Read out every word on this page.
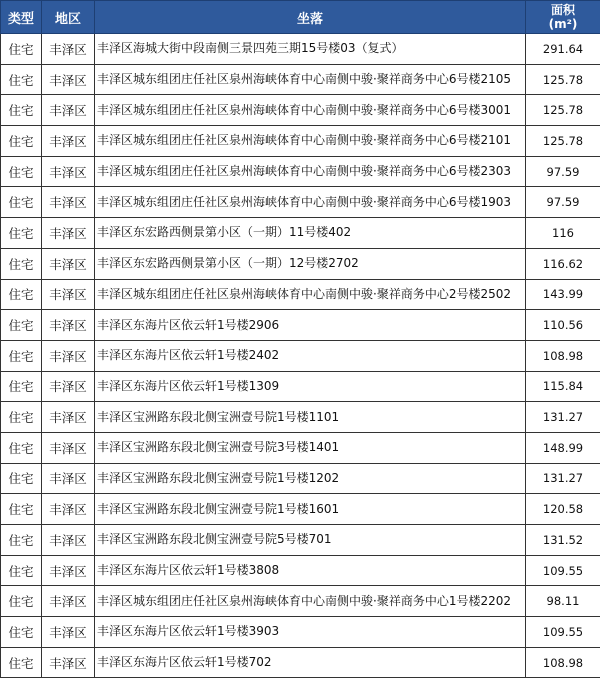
类型	地区	坐落	面积
(m²)
住宅	丰泽区	丰泽区海城大街中段南侧三景四苑三期15号楼03（复式）	291.64
住宅	丰泽区	丰泽区城东组团庄任社区泉州海峡体育中心南侧中骏·聚祥商务中心6号楼2105	125.78
住宅	丰泽区	丰泽区城东组团庄任社区泉州海峡体育中心南侧中骏·聚祥商务中心6号楼3001	125.78
住宅	丰泽区	丰泽区城东组团庄任社区泉州海峡体育中心南侧中骏·聚祥商务中心6号楼2101	125.78
住宅	丰泽区	丰泽区城东组团庄任社区泉州海峡体育中心南侧中骏·聚祥商务中心6号楼2303	97.59
住宅	丰泽区	丰泽区城东组团庄任社区泉州海峡体育中心南侧中骏·聚祥商务中心6号楼1903	97.59
住宅	丰泽区	丰泽区东宏路西侧景第小区（一期）11号楼402	116
住宅	丰泽区	丰泽区东宏路西侧景第小区（一期）12号楼2702	116.62
住宅	丰泽区	丰泽区城东组团庄任社区泉州海峡体育中心南侧中骏·聚祥商务中心2号楼2502	143.99
住宅	丰泽区	丰泽区东海片区依云轩1号楼2906	110.56
住宅	丰泽区	丰泽区东海片区依云轩1号楼2402	108.98
住宅	丰泽区	丰泽区东海片区依云轩1号楼1309	115.84
住宅	丰泽区	丰泽区宝洲路东段北侧宝洲壹号院1号楼1101	131.27
住宅	丰泽区	丰泽区宝洲路东段北侧宝洲壹号院3号楼1401	148.99
住宅	丰泽区	丰泽区宝洲路东段北侧宝洲壹号院1号楼1202	131.27
住宅	丰泽区	丰泽区宝洲路东段北侧宝洲壹号院1号楼1601	120.58
住宅	丰泽区	丰泽区宝洲路东段北侧宝洲壹号院5号楼701	131.52
住宅	丰泽区	丰泽区东海片区依云轩1号楼3808	109.55
住宅	丰泽区	丰泽区城东组团庄任社区泉州海峡体育中心南侧中骏·聚祥商务中心1号楼2202	98.11
住宅	丰泽区	丰泽区东海片区依云轩1号楼3903	109.55
住宅	丰泽区	丰泽区东海片区依云轩1号楼702	108.98
